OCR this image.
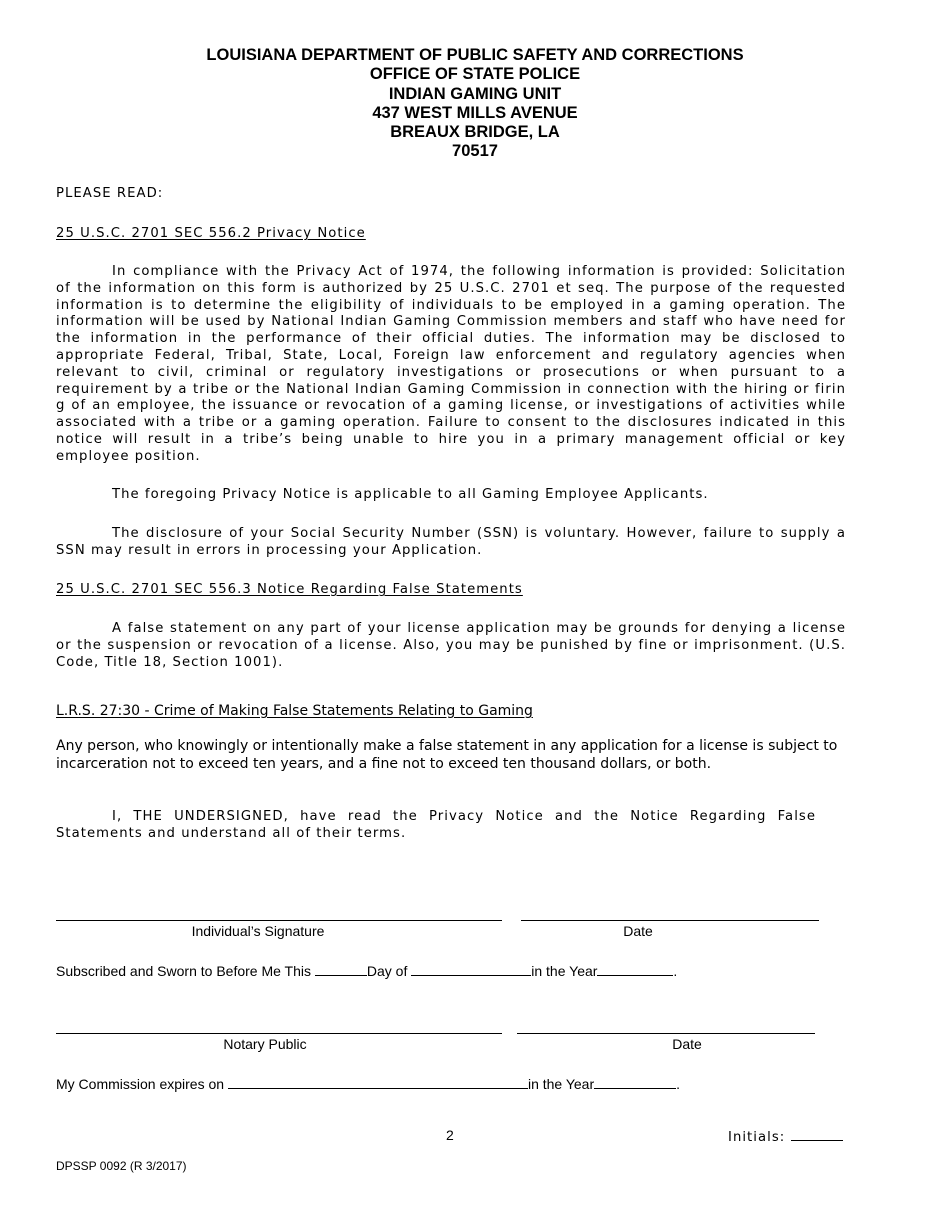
LOUISIANA DEPARTMENT OF PUBLIC SAFETY AND CORRECTIONS
OFFICE OF STATE POLICE
INDIAN GAMING UNIT
437 WEST MILLS AVENUE
BREAUX BRIDGE, LA
70517
PLEASE READ:
25 U.S.C. 2701 SEC 556.2 Privacy Notice
In compliance with the Privacy Act of 1974, the following information is provided: Solicitation of the information on this form is authorized by 25 U.S.C. 2701 et seq. The purpose of the requested information is to determine the eligibility of individuals to be employed in a gaming operation. The information will be used by National Indian Gaming Commission members and staff who have need for the information in the performance of their official duties. The information may be disclosed to appropriate Federal, Tribal, State, Local, Foreign law enforcement and regulatory agencies when relevant to civil, criminal or regulatory investigations or prosecutions or when pursuant to a requirement by a tribe or the National Indian Gaming Commission in connection with the hiring or firin g of an employee, the issuance or revocation of a gaming license, or investigations of activities while associated with a tribe or a gaming operation. Failure to consent to the disclosures indicated in this notice will result in a tribe’s being unable to hire you in a primary management official or key employee position.
The foregoing Privacy Notice is applicable to all Gaming Employee Applicants.
The disclosure of your Social Security Number (SSN) is voluntary. However, failure to supply a SSN may result in errors in processing your Application.
25 U.S.C. 2701 SEC 556.3 Notice Regarding False Statements
A false statement on any part of your license application may be grounds for denying a license or the suspension or revocation of a license. Also, you may be punished by fine or imprisonment. (U.S. Code, Title 18, Section 1001).
L.R.S. 27:30 - Crime of Making False Statements Relating to Gaming
Any person, who knowingly or intentionally make a false statement in any application for a license is subject to incarceration not to exceed ten years, and a fine not to exceed ten thousand dollars, or both.
I, THE UNDERSIGNED, have read the Privacy Notice and the Notice Regarding False Statements and understand all of their terms.
Individual’s Signature	Date
Subscribed and Sworn to Before Me This	Day of	in the Year	.
Notary Public	Date
My Commission expires on	in the Year	.
2	Initials:
DPSSP 0092 (R 3/2017)
